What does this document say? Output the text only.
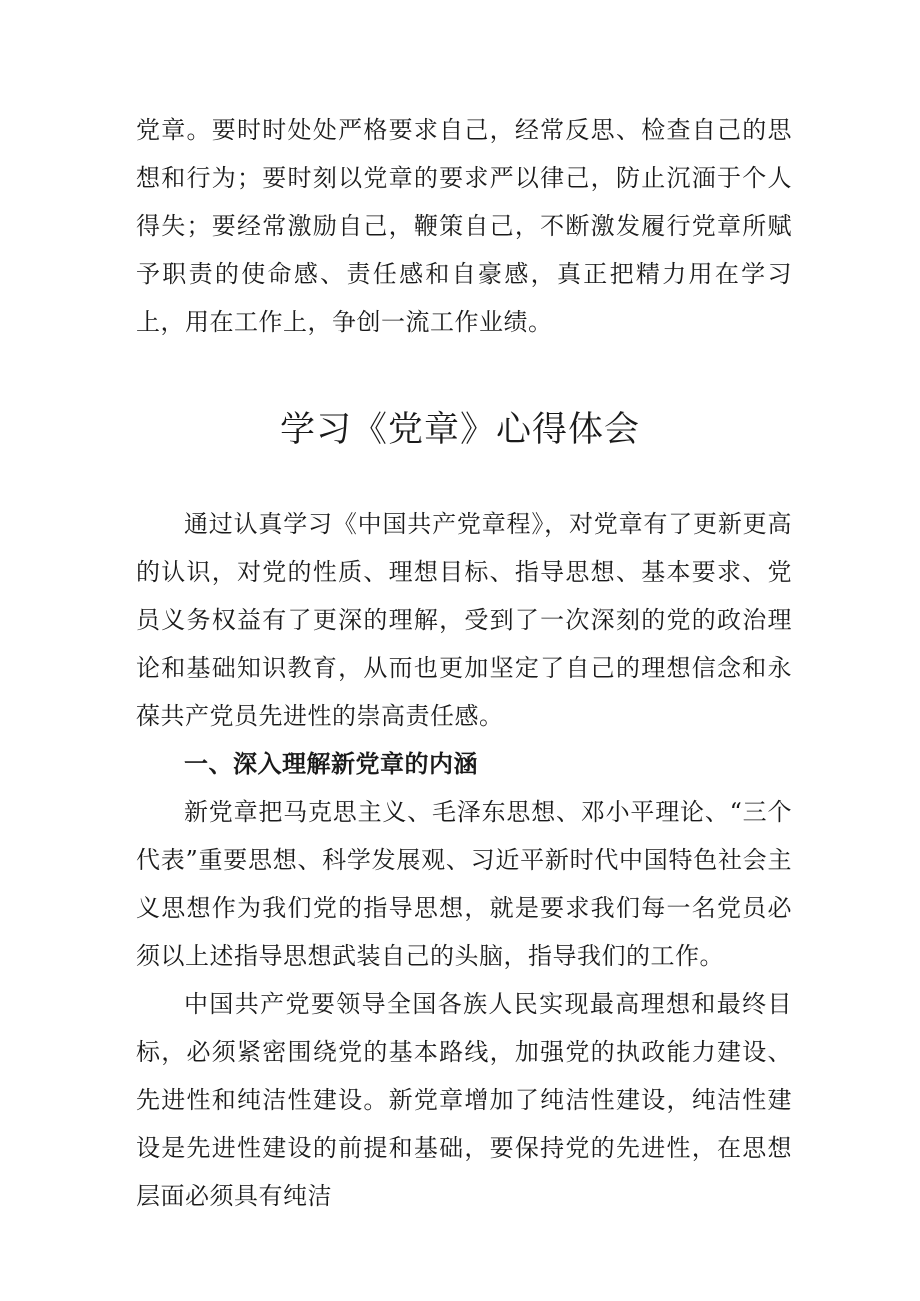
党章。要时时处处严格要求自己，经常反思、检查自己的思想和行为；要时刻以党章的要求严以律己，防止沉湎于个人得失；要经常激励自己，鞭策自己，不断激发履行党章所赋予职责的使命感、责任感和自豪感，真正把精力用在学习上，用在工作上，争创一流工作业绩。

学习《党章》心得体会

通过认真学习《中国共产党章程》，对党章有了更新更高的认识，对党的性质、理想目标、指导思想、基本要求、党员义务权益有了更深的理解，受到了一次深刻的党的政治理论和基础知识教育，从而也更加坚定了自己的理想信念和永葆共产党员先进性的崇高责任感。

一、深入理解新党章的内涵

新党章把马克思主义、毛泽东思想、邓小平理论、“三个代表”重要思想、科学发展观、习近平新时代中国特色社会主义思想作为我们党的指导思想，就是要求我们每一名党员必须以上述指导思想武装自己的头脑，指导我们的工作。

中国共产党要领导全国各族人民实现最高理想和最终目标，必须紧密围绕党的基本路线，加强党的执政能力建设、先进性和纯洁性建设。新党章增加了纯洁性建设，纯洁性建设是先进性建设的前提和基础，要保持党的先进性，在思想层面必须具有纯洁
